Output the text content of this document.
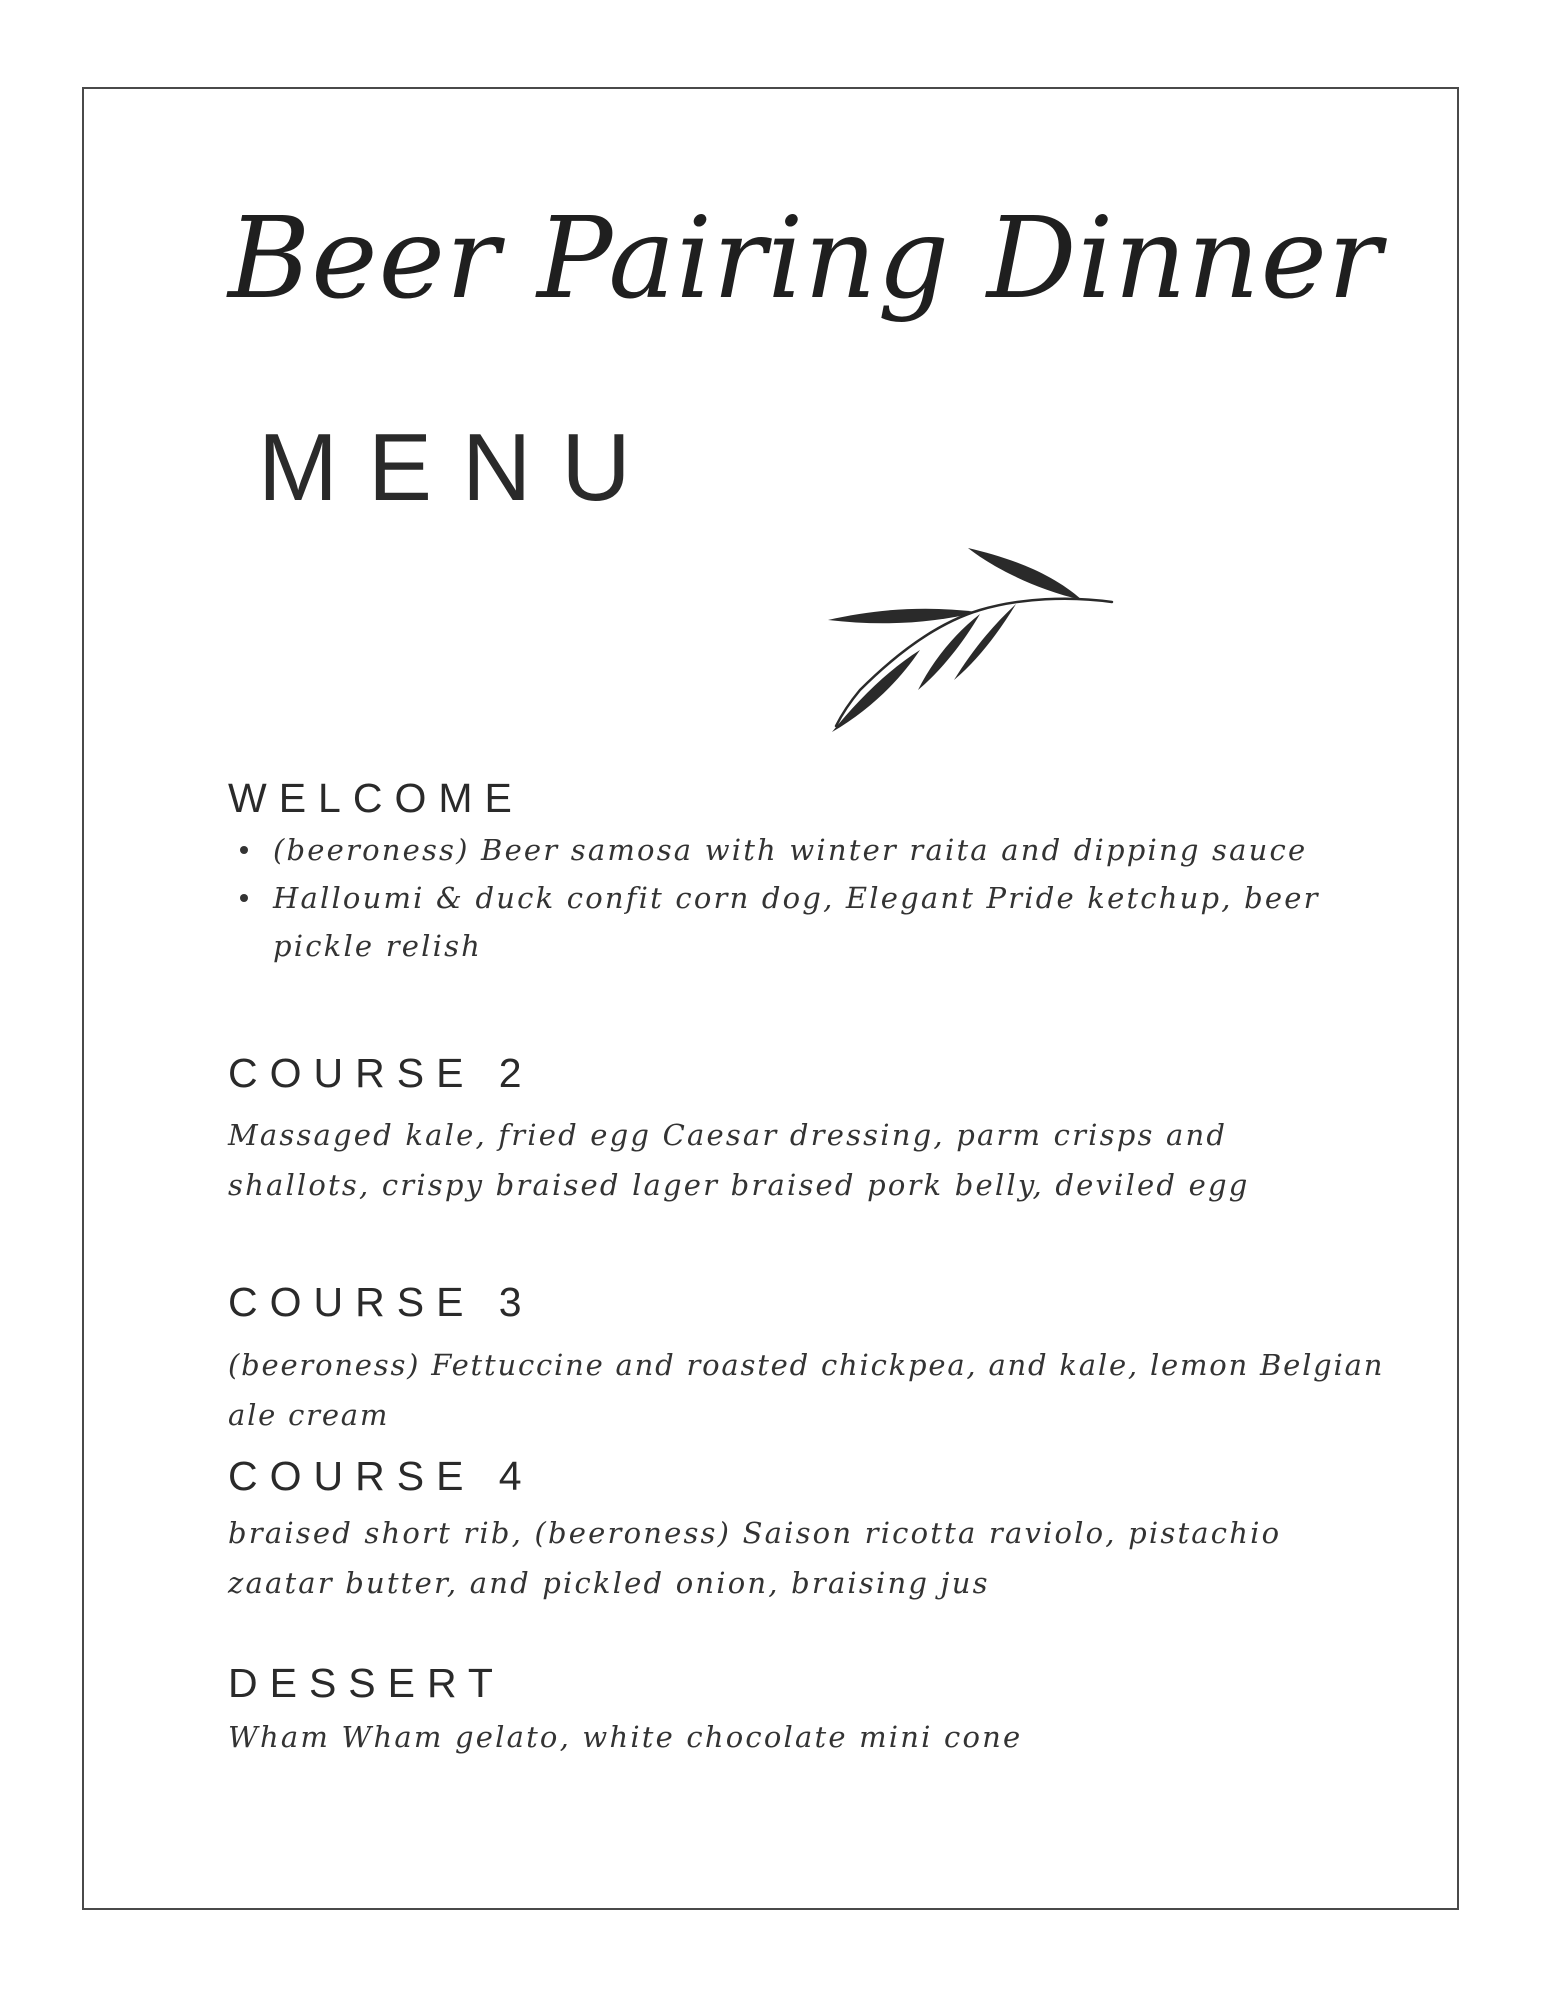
Beer Pairing Dinner
MENU
WELCOME
(beeroness) Beer samosa with winter raita and dipping sauce
Halloumi & duck confit corn dog, Elegant Pride ketchup, beer pickle relish
COURSE 2
Massaged kale, fried egg Caesar dressing, parm crisps and shallots, crispy braised lager braised pork belly, deviled egg
COURSE 3
(beeroness) Fettuccine and roasted chickpea, and kale, lemon Belgian ale cream
COURSE 4
braised short rib, (beeroness) Saison ricotta raviolo, pistachio zaatar butter, and pickled onion, braising jus
DESSERT
Wham Wham gelato, white chocolate mini cone
